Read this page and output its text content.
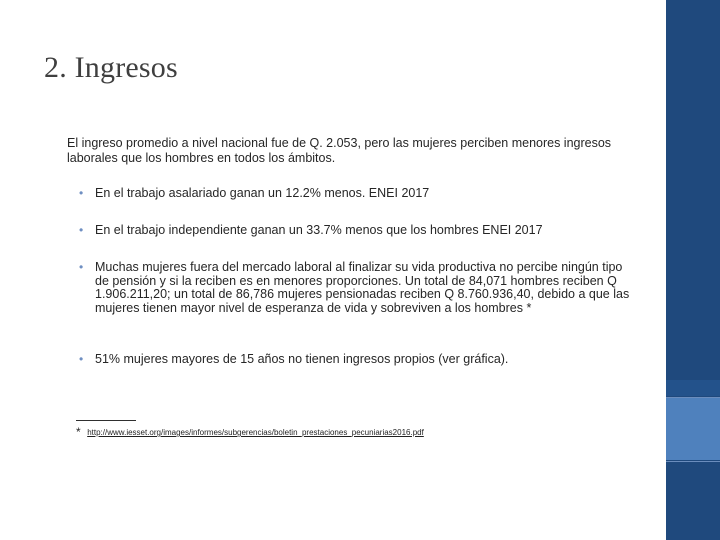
2. Ingresos
El ingreso promedio a nivel nacional fue de Q. 2.053, pero las mujeres perciben menores ingresos laborales que los hombres en todos los ámbitos.
• En el trabajo asalariado ganan un 12.2% menos. ENEI 2017
• En el trabajo independiente ganan un 33.7% menos que los hombres ENEI 2017
• Muchas mujeres fuera del mercado laboral al finalizar su vida productiva no percibe ningún tipo de pensión y si la reciben es en menores proporciones. Un total de 84,071 hombres reciben Q 1.906.211,20; un total de 86,786 mujeres pensionadas reciben Q 8.760.936,40, debido a que las mujeres tienen mayor nivel de esperanza de vida y sobreviven a los hombres *
• 51% mujeres mayores de 15 años no tienen ingresos propios (ver gráfica).
* http://www.iesset.org/images/informes/subgerencias/boletin_prestaciones_pecuniarias2016.pdf
